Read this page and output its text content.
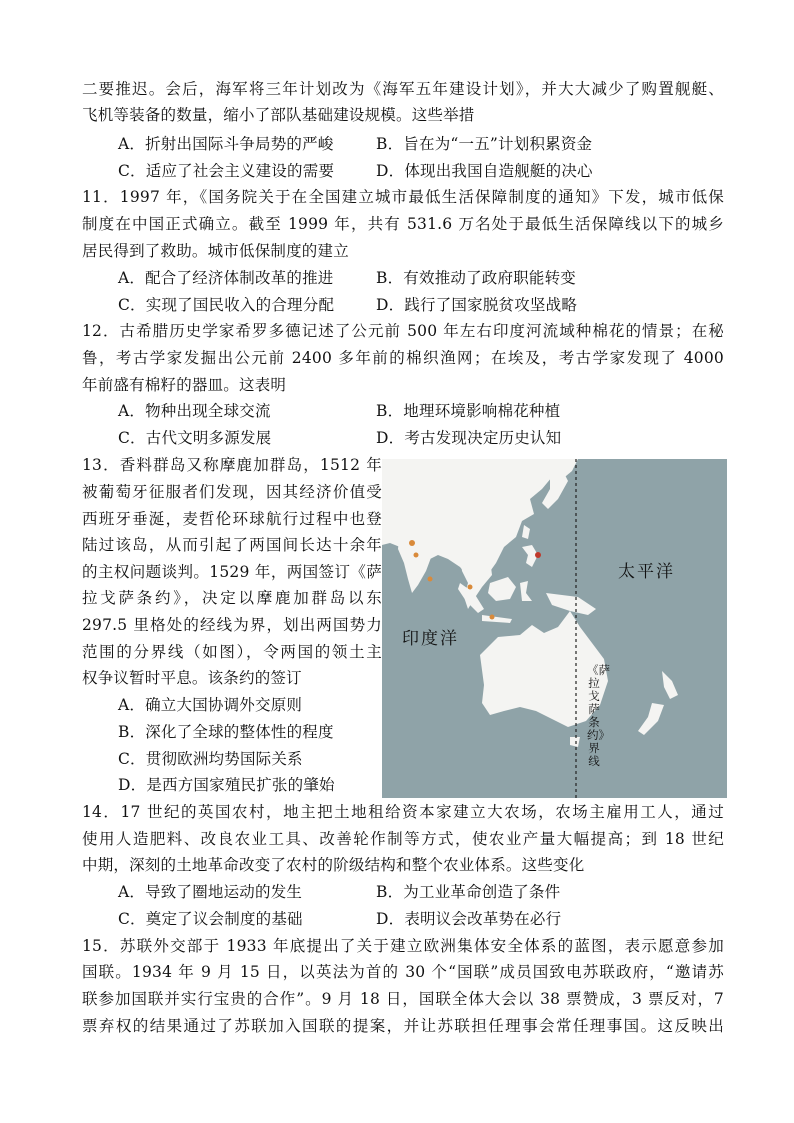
二要推迟。会后，海军将三年计划改为《海军五年建设计划》，并大大减少了购置舰艇、
飞机等装备的数量，缩小了部队基础建设规模。这些举措
A．折射出国际斗争局势的严峻	B．旨在为“一五”计划积累资金
C．适应了社会主义建设的需要	D．体现出我国自造舰艇的决心
11．1997 年，《国务院关于在全国建立城市最低生活保障制度的通知》下发，城市低保
制度在中国正式确立。截至 1999 年，共有 531.6 万名处于最低生活保障线以下的城乡
居民得到了救助。城市低保制度的建立
A．配合了经济体制改革的推进	B．有效推动了政府职能转变
C．实现了国民收入的合理分配	D．践行了国家脱贫攻坚战略
12．古希腊历史学家希罗多德记述了公元前 500 年左右印度河流域种棉花的情景；在秘
鲁，考古学家发掘出公元前 2400 多年前的棉织渔网；在埃及，考古学家发现了 4000
年前盛有棉籽的器皿。这表明
A．物种出现全球交流	B．地理环境影响棉花种植
C．古代文明多源发展	D．考古发现决定历史认知
13．香料群岛又称摩鹿加群岛，1512 年
被葡萄牙征服者们发现，因其经济价值受
西班牙垂涎，麦哲伦环球航行过程中也登
陆过该岛，从而引起了两国间长达十余年
的主权问题谈判。1529 年，两国签订《萨
拉戈萨条约》，决定以摩鹿加群岛以东
297.5 里格处的经线为界，划出两国势力
范围的分界线（如图），令两国的领土主
权争议暂时平息。该条约的签订
A．确立大国协调外交原则
B．深化了全球的整体性的程度
C．贯彻欧洲均势国际关系
D．是西方国家殖民扩张的肇始
太平洋
印度洋
《萨拉戈萨条约》界线
14．17 世纪的英国农村，地主把土地租给资本家建立大农场，农场主雇用工人，通过
使用人造肥料、改良农业工具、改善轮作制等方式，使农业产量大幅提高；到 18 世纪
中期，深刻的土地革命改变了农村的阶级结构和整个农业体系。这些变化
A．导致了圈地运动的发生	B．为工业革命创造了条件
C．奠定了议会制度的基础	D．表明议会改革势在必行
15．苏联外交部于 1933 年底提出了关于建立欧洲集体安全体系的蓝图，表示愿意参加
国联。1934 年 9 月 15 日，以英法为首的 30 个“国联”成员国致电苏联政府，“邀请苏
联参加国联并实行宝贵的合作”。9 月 18 日，国联全体大会以 38 票赞成，3 票反对，7
票弃权的结果通过了苏联加入国联的提案，并让苏联担任理事会常任理事国。这反映出
